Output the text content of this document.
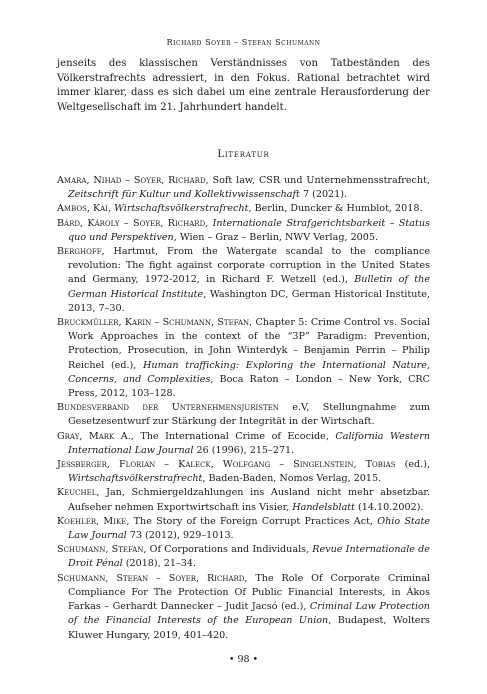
Richard Soyer – Stefan Schumann

jenseits des klassischen Verständnisses von Tatbeständen des Völkerstrafrechts adressiert, in den Fokus. Rational betrachtet wird immer klarer, dass es sich dabei um eine zentrale Herausforderung der Weltgesellschaft im 21. Jahrhundert handelt.

Literatur

Amara, Nihad – Soyer, Richard, Soft law, CSR und Unternehmensstrafrecht, Zeitschrift für Kultur und Kollektivwissenschaft 7 (2021).

Ambos, Kai, Wirtschaftsvölkerstrafrecht, Berlin, Duncker & Humblot, 2018.

Bárd, Károly – Soyer, Richard, Internationale Strafgerichtsbarkeit – Status quo und Perspektiven, Wien – Graz – Berlin, NWV Verlag, 2005.

Berghoff, Hartmut, From the Watergate scandal to the compliance revolution: The fight against corporate corruption in the United States and Germany, 1972-2012, in Richard F. Wetzell (ed.), Bulletin of the German Historical Institute, Washington DC, German Historical Institute, 2013, 7–30.

Bruckmüller, Karin – Schumann, Stefan, Chapter 5: Crime Control vs. Social Work Approaches in the context of the “3P” Paradigm: Prevention, Protection, Prosecution, in John Winterdyk – Benjamin Perrin – Philip Reichel (ed.), Human trafficking: Exploring the International Nature, Concerns, and Complexities, Boca Raton – London – New York, CRC Press, 2012, 103–128.

Bundesverband der Unternehmensjuristen e.V, Stellungnahme zum Gesetzesentwurf zur Stärkung der Integrität in der Wirtschaft.

Gray, Mark A., The International Crime of Ecocide, California Western International Law Journal 26 (1996), 215–271.

Jessberger, Florian – Kaleck, Wolfgang – Singelnstein, Tobias (ed.), Wirtschaftsvölkerstrafrecht, Baden-Baden, Nomos Verlag, 2015.

Keuchel, Jan, Schmiergeldzahlungen ins Ausland nicht mehr absetzbar. Aufseher nehmen Exportwirtschaft ins Visier, Handelsblatt (14.10.2002).

Koehler, Mike, The Story of the Foreign Corrupt Practices Act, Ohio State Law Journal 73 (2012), 929–1013.

Schumann, Stefan, Of Corporations and Individuals, Revue Internationale de Droit Pénal (2018), 21–34.

Schumann, Stefan – Soyer, Richard, The Role Of Corporate Criminal Compliance For The Protection Of Public Financial Interests, in Ákos Farkas – Gerhardt Dannecker – Judit Jacsó (ed.), Criminal Law Protection of the Financial Interests of the European Union, Budapest, Wolters Kluwer Hungary, 2019, 401–420.

• 98 •
